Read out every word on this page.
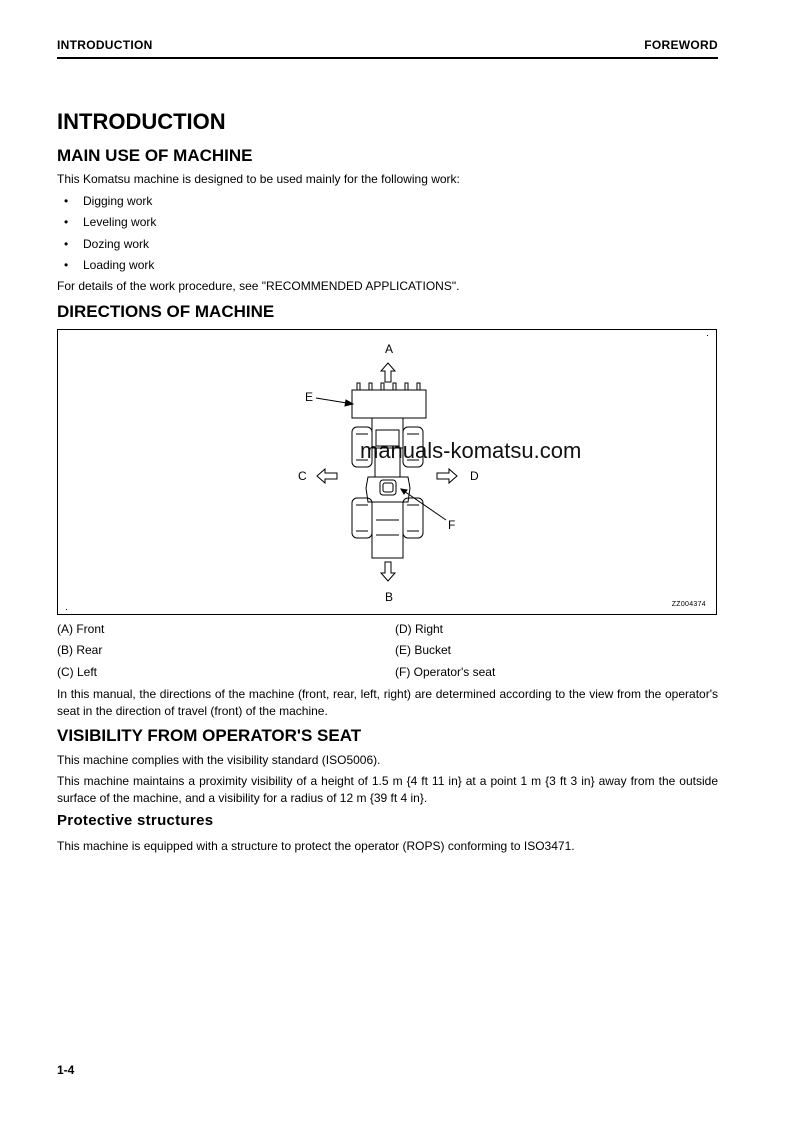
INTRODUCTION	FOREWORD
INTRODUCTION
MAIN USE OF MACHINE

This Komatsu machine is designed to be used mainly for the following work:

• Digging work
• Leveling work
• Dozing work
• Loading work

For details of the work procedure, see "RECOMMENDED APPLICATIONS".

DIRECTIONS OF MACHINE
A
B
C	D
E
F
ZZ004374
manuals-komatsu.com
(A) Front
(B) Rear
(C) Left
(D) Right
(E) Bucket
(F) Operator's seat

In this manual, the directions of the machine (front, rear, left, right) are determined according to the view from the operator's seat in the direction of travel (front) of the machine.

VISIBILITY FROM OPERATOR'S SEAT

This machine complies with the visibility standard (ISO5006).

This machine maintains a proximity visibility of a height of 1.5 m {4 ft 11 in} at a point 1 m {3 ft 3 in} away from the outside surface of the machine, and a visibility for a radius of 12 m {39 ft 4 in}.

Protective structures

This machine is equipped with a structure to protect the operator (ROPS) conforming to ISO3471.

1-4
